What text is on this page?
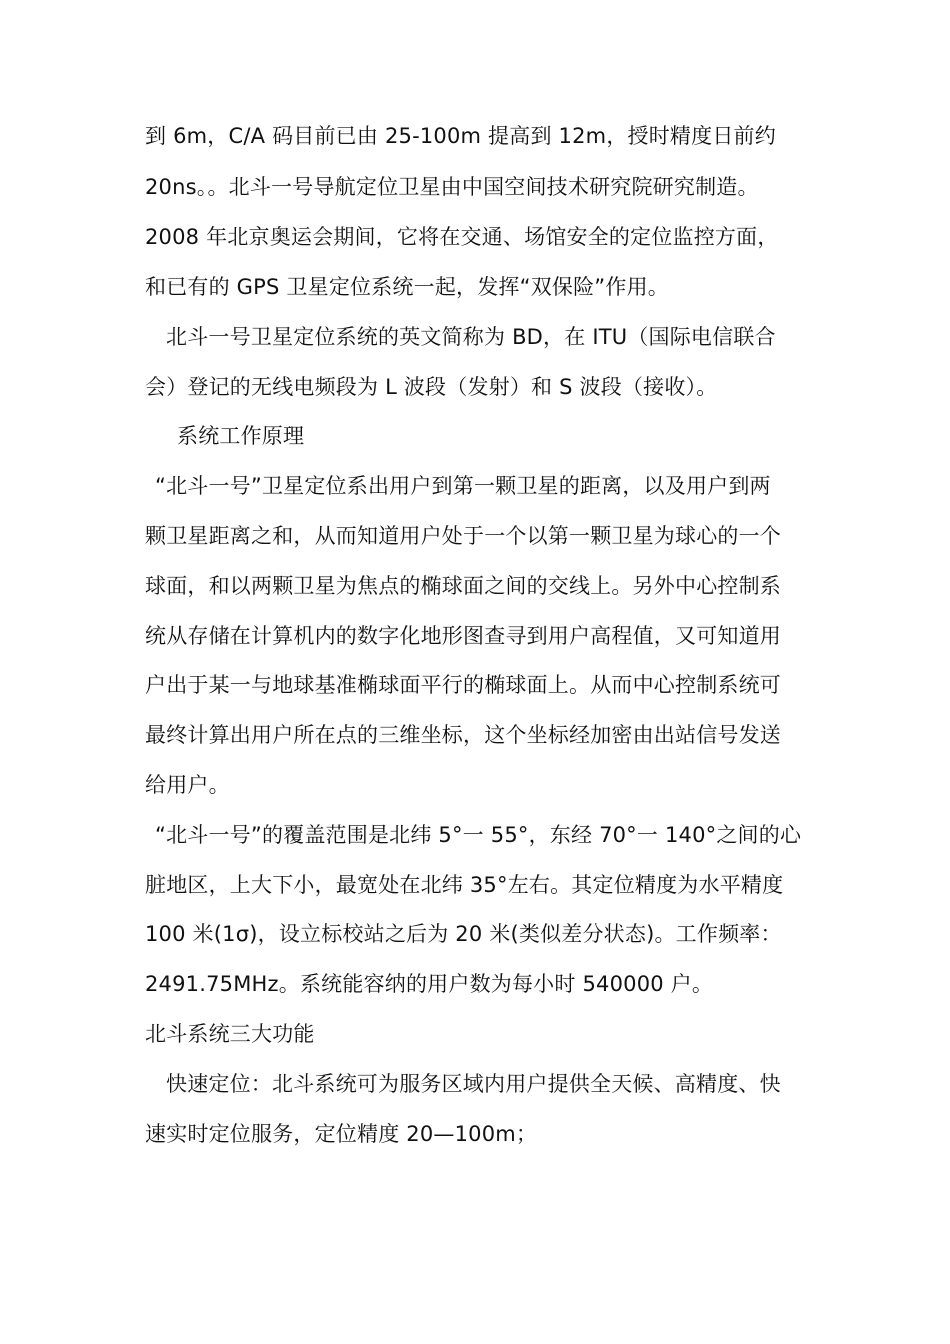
到 6m，C/A 码目前已由 25-100m 提高到 12m，授时精度日前约
20ns。。北斗一号导航定位卫星由中国空间技术研究院研究制造。
2008 年北京奥运会期间，它将在交通、场馆安全的定位监控方面，
和已有的 GPS 卫星定位系统一起，发挥“双保险”作用。
北斗一号卫星定位系统的英文简称为 BD，在 ITU（国际电信联合
会）登记的无线电频段为 L 波段（发射）和 S 波段（接收）。
系统工作原理
“北斗一号”卫星定位系出用户到第一颗卫星的距离，以及用户到两
颗卫星距离之和，从而知道用户处于一个以第一颗卫星为球心的一个
球面，和以两颗卫星为焦点的椭球面之间的交线上。另外中心控制系
统从存储在计算机内的数字化地形图查寻到用户高程值，又可知道用
户出于某一与地球基准椭球面平行的椭球面上。从而中心控制系统可
最终计算出用户所在点的三维坐标，这个坐标经加密由出站信号发送
给用户。
“北斗一号”的覆盖范围是北纬 5°一 55°，东经 70°一 140°之间的心
脏地区，上大下小，最宽处在北纬 35°左右。其定位精度为水平精度
100 米(1σ)，设立标校站之后为 20 米(类似差分状态)。工作频率：
2491.75MHz。系统能容纳的用户数为每小时 540000 户。
北斗系统三大功能
快速定位：北斗系统可为服务区域内用户提供全天候、高精度、快
速实时定位服务，定位精度 20—100m；
